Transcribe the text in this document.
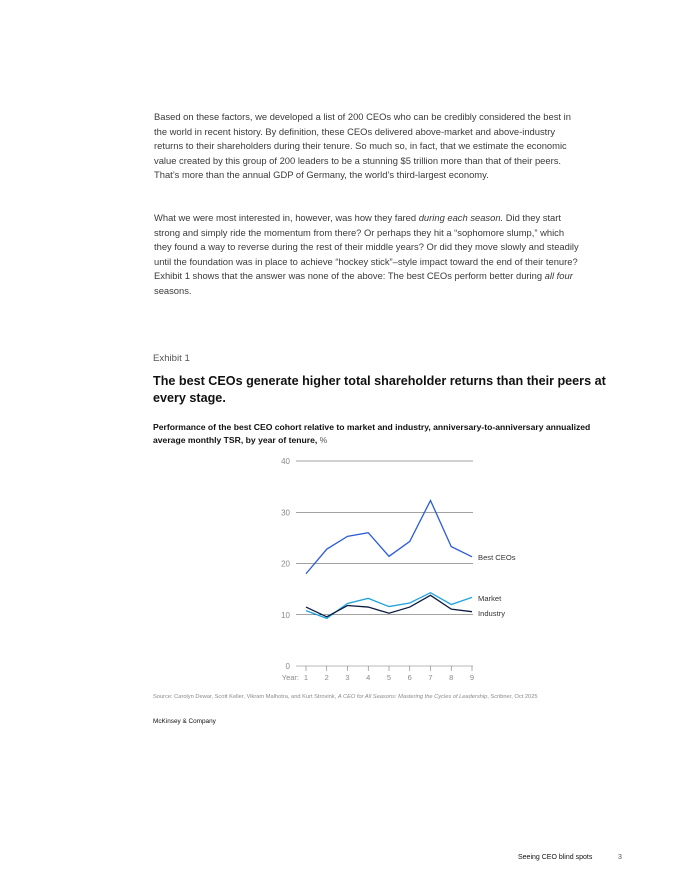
Based on these factors, we developed a list of 200 CEOs who can be credibly considered the best in the world in recent history. By definition, these CEOs delivered above-market and above-industry returns to their shareholders during their tenure. So much so, in fact, that we estimate the economic value created by this group of 200 leaders to be a stunning $5 trillion more than that of their peers. That’s more than the annual GDP of Germany, the world’s third-largest economy.

What we were most interested in, however, was how they fared during each season. Did they start strong and simply ride the momentum from there? Or perhaps they hit a “sophomore slump,” which they found a way to reverse during the rest of their middle years? Or did they move slowly and steadily until the foundation was in place to achieve “hockey stick”–style impact toward the end of their tenure? Exhibit 1 shows that the answer was none of the above: The best CEOs perform better during all four seasons.

Exhibit 1
The best CEOs generate higher total shareholder returns than their peers at every stage.

Performance of the best CEO cohort relative to market and industry, anniversary-to-anniversary annualized average monthly TSR, by year of tenure, %

0
10
20
30
40
1 2 3 4 5 6 7 8 9
Year:
Best CEOs
Market
Industry
Source: Carolyn Dewar, Scott Keller, Vikram Malhotra, and Kurt Strovink, A CEO for All Seasons: Mastering the Cycles of Leadership, Scribner, Oct 2025
McKinsey & Company
Seeing CEO blind spots	3
